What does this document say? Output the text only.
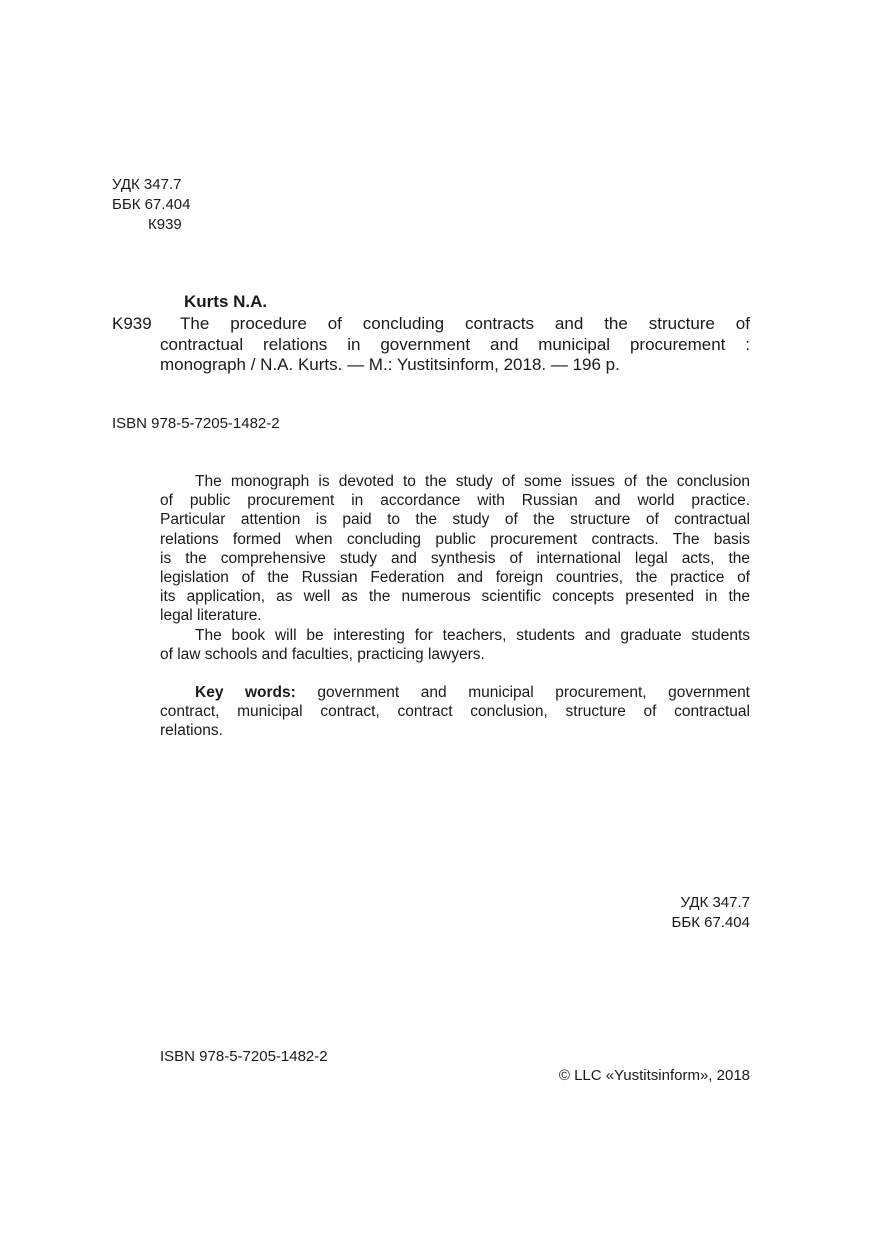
УДК 347.7
ББК 67.404
К939
Kurts N.A.
K939	The procedure of concluding contracts and the structure of
contractual relations in government and municipal procurement :
monograph / N.A. Kurts. — M.: Yustitsinform, 2018. — 196 p.
ISBN 978-5-7205-1482-2
The monograph is devoted to the study of some issues of the conclusion
of public procurement in accordance with Russian and world practice.
Particular attention is paid to the study of the structure of contractual
relations formed when concluding public procurement contracts. The basis
is the comprehensive study and synthesis of international legal acts, the
legislation of the Russian Federation and foreign countries, the practice of
its application, as well as the numerous scientific concepts presented in the
legal literature.
The book will be interesting for teachers, students and graduate students
of law schools and faculties, practicing lawyers.
Key words: government and municipal procurement, government
contract, municipal contract, contract conclusion, structure of contractual
relations.
УДК 347.7
ББК 67.404
ISBN 978-5-7205-1482-2
© LLC «Yustitsinform», 2018
